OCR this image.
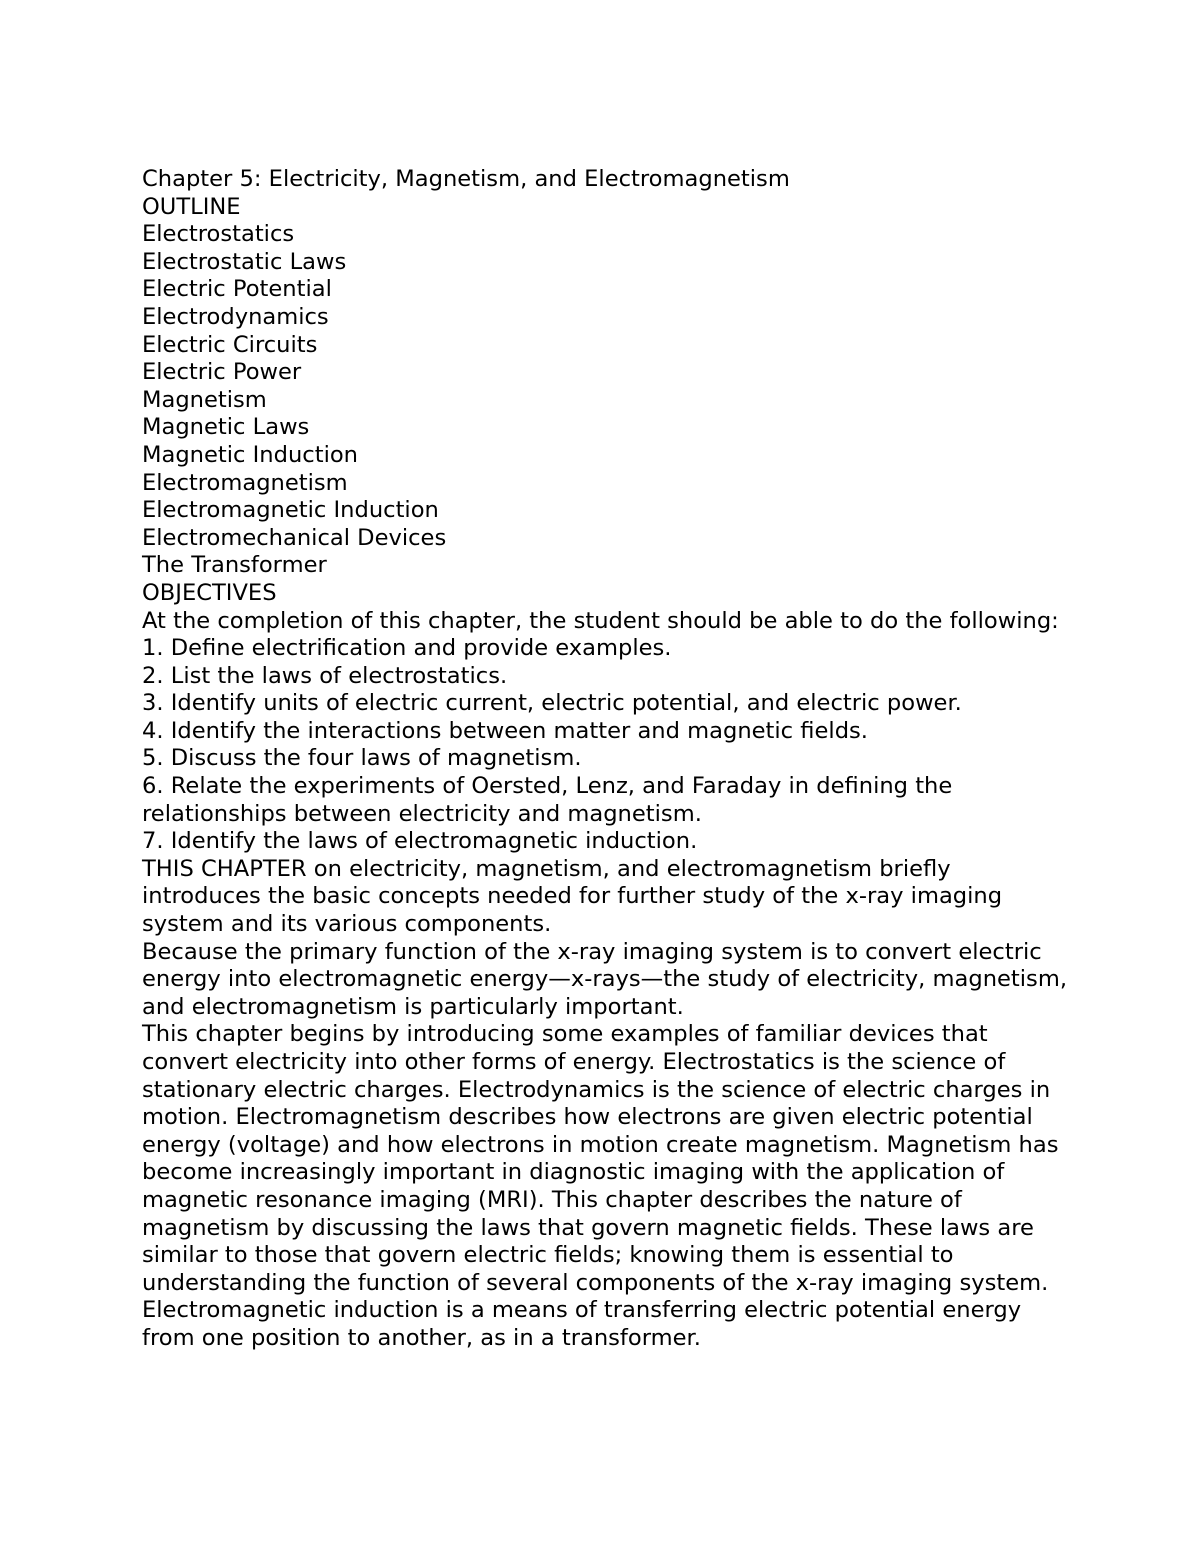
Chapter 5: Electricity, Magnetism, and Electromagnetism

OUTLINE

Electrostatics

Electrostatic Laws

Electric Potential

Electrodynamics

Electric Circuits

Electric Power

Magnetism

Magnetic Laws

Magnetic Induction

Electromagnetism

Electromagnetic Induction

Electromechanical Devices

The Transformer

OBJECTIVES

At the completion of this chapter, the student should be able to do the following:

1. Define electrification and provide examples.

2. List the laws of electrostatics.

3. Identify units of electric current, electric potential, and electric power.

4. Identify the interactions between matter and magnetic fields.

5. Discuss the four laws of magnetism.

6. Relate the experiments of Oersted, Lenz, and Faraday in defining the relationships between electricity and magnetism.

7. Identify the laws of electromagnetic induction.

THIS CHAPTER on electricity, magnetism, and electromagnetism briefly introduces the basic concepts needed for further study of the x-ray imaging system and its various components.

Because the primary function of the x-ray imaging system is to convert electric energy into electromagnetic energy—x-rays—the study of electricity, magnetism, and electromagnetism is particularly important.

This chapter begins by introducing some examples of familiar devices that convert electricity into other forms of energy. Electrostatics is the science of stationary electric charges. Electrodynamics is the science of electric charges in motion. Electromagnetism describes how electrons are given electric potential energy (voltage) and how electrons in motion create magnetism. Magnetism has become increasingly important in diagnostic imaging with the application of magnetic resonance imaging (MRI). This chapter describes the nature of magnetism by discussing the laws that govern magnetic fields. These laws are similar to those that govern electric fields; knowing them is essential to understanding the function of several components of the x-ray imaging system.

Electromagnetic induction is a means of transferring electric potential energy from one position to another, as in a transformer.
